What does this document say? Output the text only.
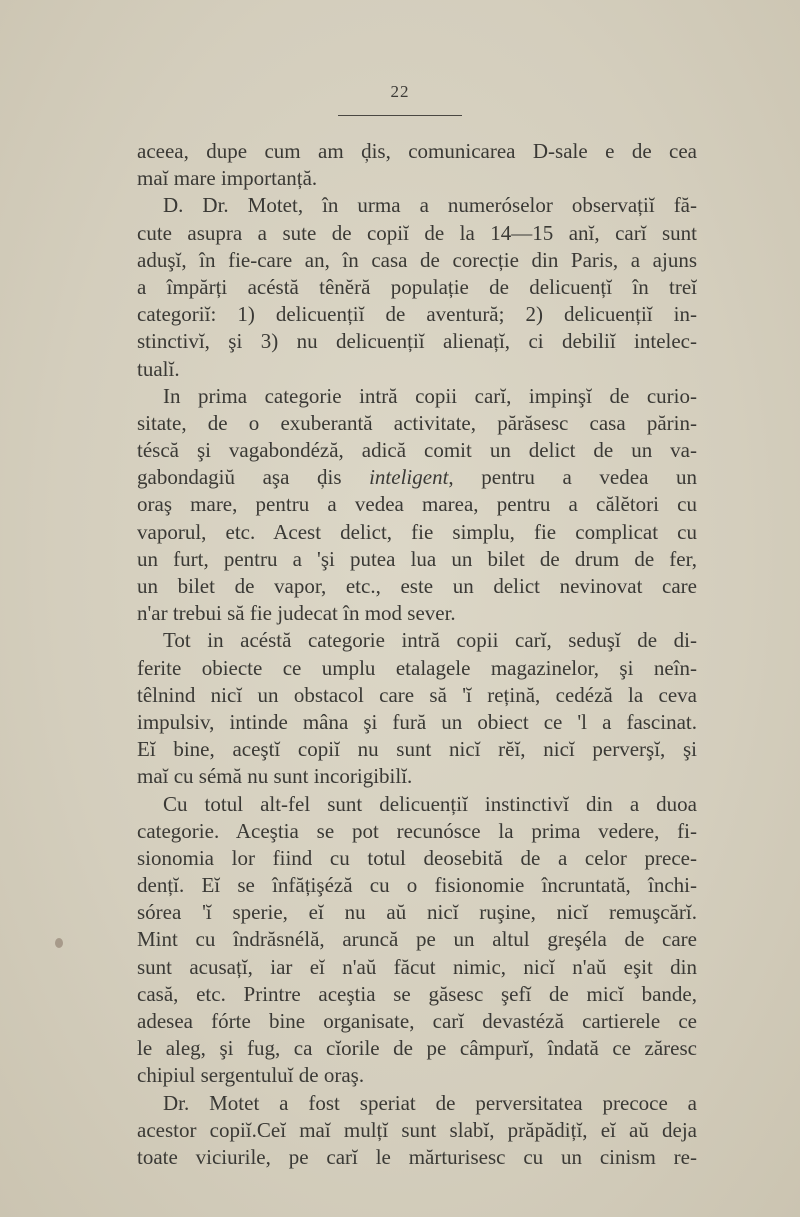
22
aceea, dupe cum am ḑis, comunicarea D-sale e de cea
maĭ mare importanță.
D. Dr. Motet, în urma a numeróselor observațiĭ fă-
cute asupra a sute de copiĭ de la 14—15 anĭ, carĭ sunt
aduşĭ, în fie-care an, în casa de corecție din Paris, a ajuns
a împărți acéstă tênĕră populație de delicuențĭ în treĭ
categoriĭ: 1) delicuențiĭ de aventură; 2) delicuențiĭ in-
stinctivĭ, şi 3) nu delicuențiĭ alienațĭ, ci debiliĭ intelec-
tualĭ.
In prima categorie intră copii carĭ, impinşĭ de curio-
sitate, de o exuberantă activitate, părăsesc casa părin-
téscă şi vagabondéză, adică comit un delict de un va-
gabondagiŭ aşa ḑis inteligent, pentru a vedea un
oraş mare, pentru a vedea marea, pentru a călĕtori cu
vaporul, etc. Acest delict, fie simplu, fie complicat cu
un furt, pentru a 'şi putea lua un bilet de drum de fer,
un bilet de vapor, etc., este un delict nevinovat care
n'ar trebui să fie judecat în mod sever.
Tot in acéstă categorie intră copii carĭ, seduşĭ de di-
ferite obiecte ce umplu etalagele magazinelor, şi neîn-
têlnind nicĭ un obstacol care să 'ĭ rețină, cedéză la ceva
impulsiv, intinde mâna şi fură un obiect ce 'l a fascinat.
Eĭ bine, aceştĭ copiĭ nu sunt nicĭ rĕĭ, nicĭ perverşĭ, şi
maĭ cu sémă nu sunt incorigibilĭ.
Cu totul alt-fel sunt delicuențiĭ instinctivĭ din a duoa
categorie. Aceştia se pot recunósce la prima vedere, fi-
sionomia lor fiind cu totul deosebită de a celor prece-
dențĭ. Eĭ se înfățişéză cu o fisionomie încruntată, închi-
sórea 'ĭ sperie, eĭ nu aŭ nicĭ ruşine, nicĭ remuşcărĭ.
Mint cu îndrăsnélă, aruncă pe un altul greşéla de care
sunt acusațĭ, iar eĭ n'aŭ făcut nimic, nicĭ n'aŭ eşit din
casă, etc. Printre aceştia se găsesc şefĭ de micĭ bande,
adesea fórte bine organisate, carĭ devastéză cartierele ce
le aleg, şi fug, ca cĭorile de pe câmpurĭ, îndată ce zăresc
chipiul sergentuluĭ de oraş.
Dr. Motet a fost speriat de perversitatea precoce a
acestor copiĭ.Ceĭ maĭ mulțĭ sunt slabĭ, prăpădițĭ, eĭ aŭ deja
toate viciurile, pe carĭ le mărturisesc cu un cinism re-
